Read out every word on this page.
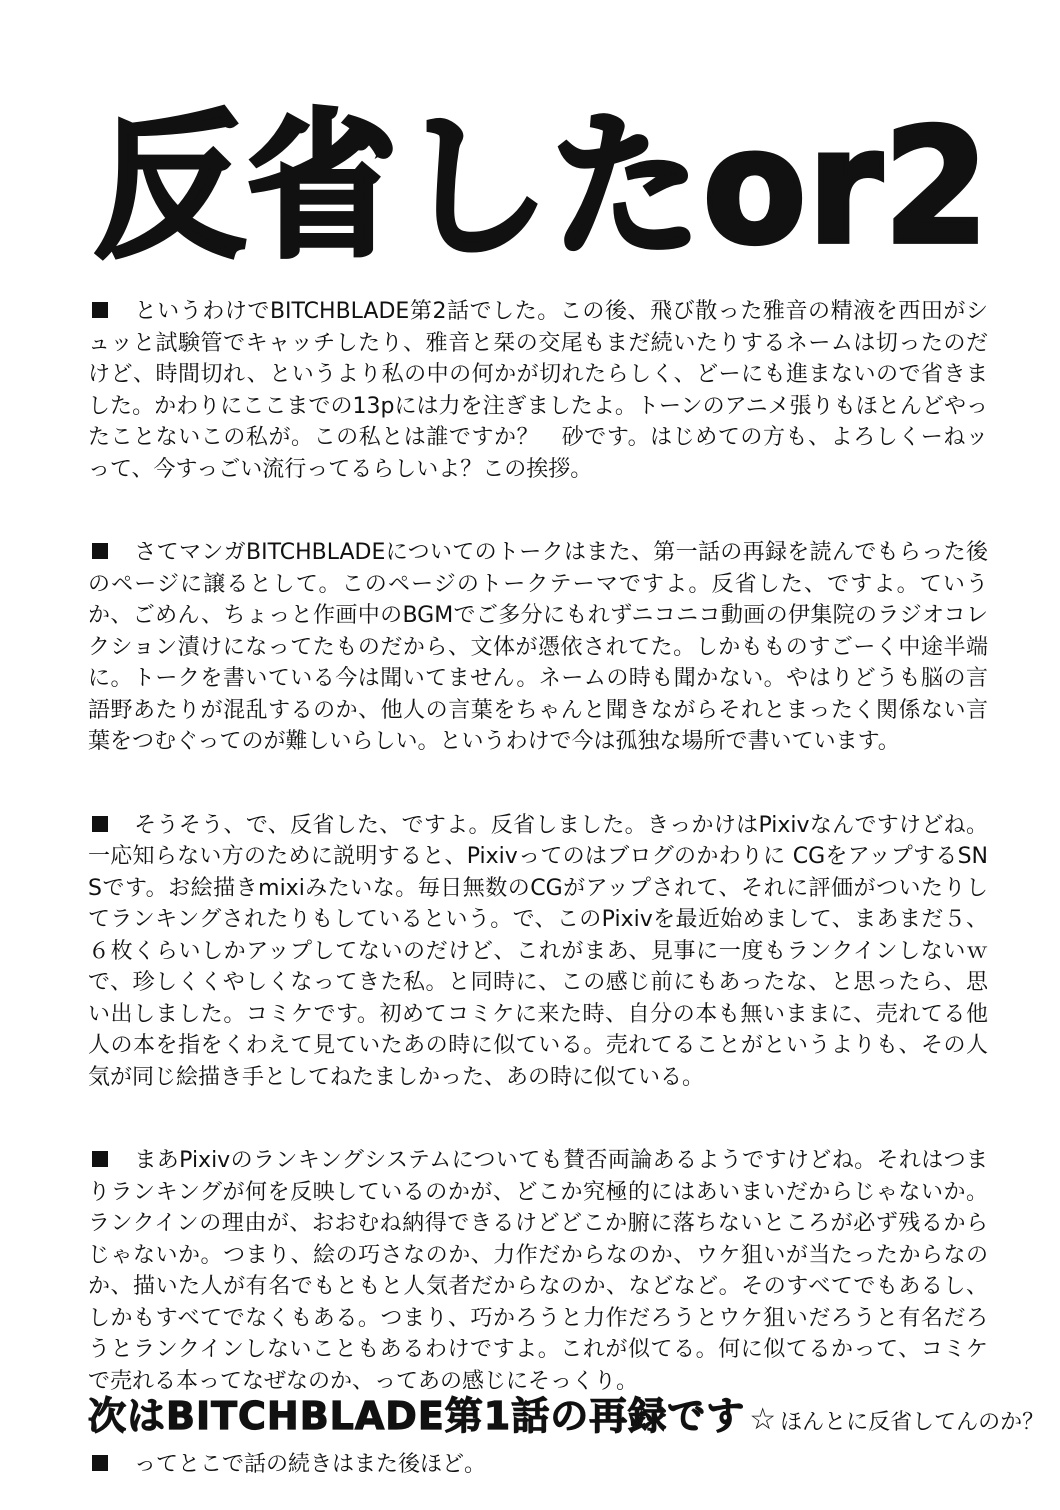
反省したor2

というわけでBITCHBLADE第2話でした。この後、飛び散った雅音の精液を西田がシュッと試験管でキャッチしたり、雅音と栞の交尾もまだ続いたりするネームは切ったのだけど、時間切れ、というより私の中の何かが切れたらしく、どーにも進まないので省きました。かわりにここまでの13pには力を注ぎましたよ。トーンのアニメ張りもほとんどやったことないこの私が。この私とは誰ですか？　砂です。はじめての方も、よろしくーねッ　って、今すっごい流行ってるらしいよ？この挨拶。

さてマンガBITCHBLADEについてのトークはまた、第一話の再録を読んでもらった後のページに譲るとして。このページのトークテーマですよ。反省した、ですよ。ていうか、ごめん、ちょっと作画中のBGMでご多分にもれずニコニコ動画の伊集院のラジオコレクション漬けになってたものだから、文体が憑依されてた。しかもものすごーく中途半端に。トークを書いている今は聞いてません。ネームの時も聞かない。やはりどうも脳の言語野あたりが混乱するのか、他人の言葉をちゃんと聞きながらそれとまったく関係ない言葉をつむぐってのが難しいらしい。というわけで今は孤独な場所で書いています。

そうそう、で、反省した、ですよ。反省しました。きっかけはPixivなんですけどね。一応知らない方のために説明すると、Pixivってのはブログのかわりに CGをアップするSNSです。お絵描きmixiみたいな。毎日無数のCGがアップされて、それに評価がついたりしてランキングされたりもしているという。で、このPixivを最近始めまして、まあまだ５、６枚くらいしかアップしてないのだけど、これがまあ、見事に一度もランクインしないｗ　で、珍しくくやしくなってきた私。と同時に、この感じ前にもあったな、と思ったら、思い出しました。コミケです。初めてコミケに来た時、自分の本も無いままに、売れてる他人の本を指をくわえて見ていたあの時に似ている。売れてることがというよりも、その人気が同じ絵描き手としてねたましかった、あの時に似ている。

まあPixivのランキングシステムについても賛否両論あるようですけどね。それはつまりランキングが何を反映しているのかが、どこか究極的にはあいまいだからじゃないか。ランクインの理由が、おおむね納得できるけどどこか腑に落ちないところが必ず残るからじゃないか。つまり、絵の巧さなのか、力作だからなのか、ウケ狙いが当たったからなのか、描いた人が有名でもともと人気者だからなのか、などなど。そのすべてでもあるし、しかもすべてでなくもある。つまり、巧かろうと力作だろうとウケ狙いだろうと有名だろうとランクインしないこともあるわけですよ。これが似てる。何に似てるかって、コミケで売れる本ってなぜなのか、ってあの感じにそっくり。

ってとこで話の続きはまた後ほど。

次はBITCHBLADE第1話の再録です ☆ ほんとに反省してんのか？
